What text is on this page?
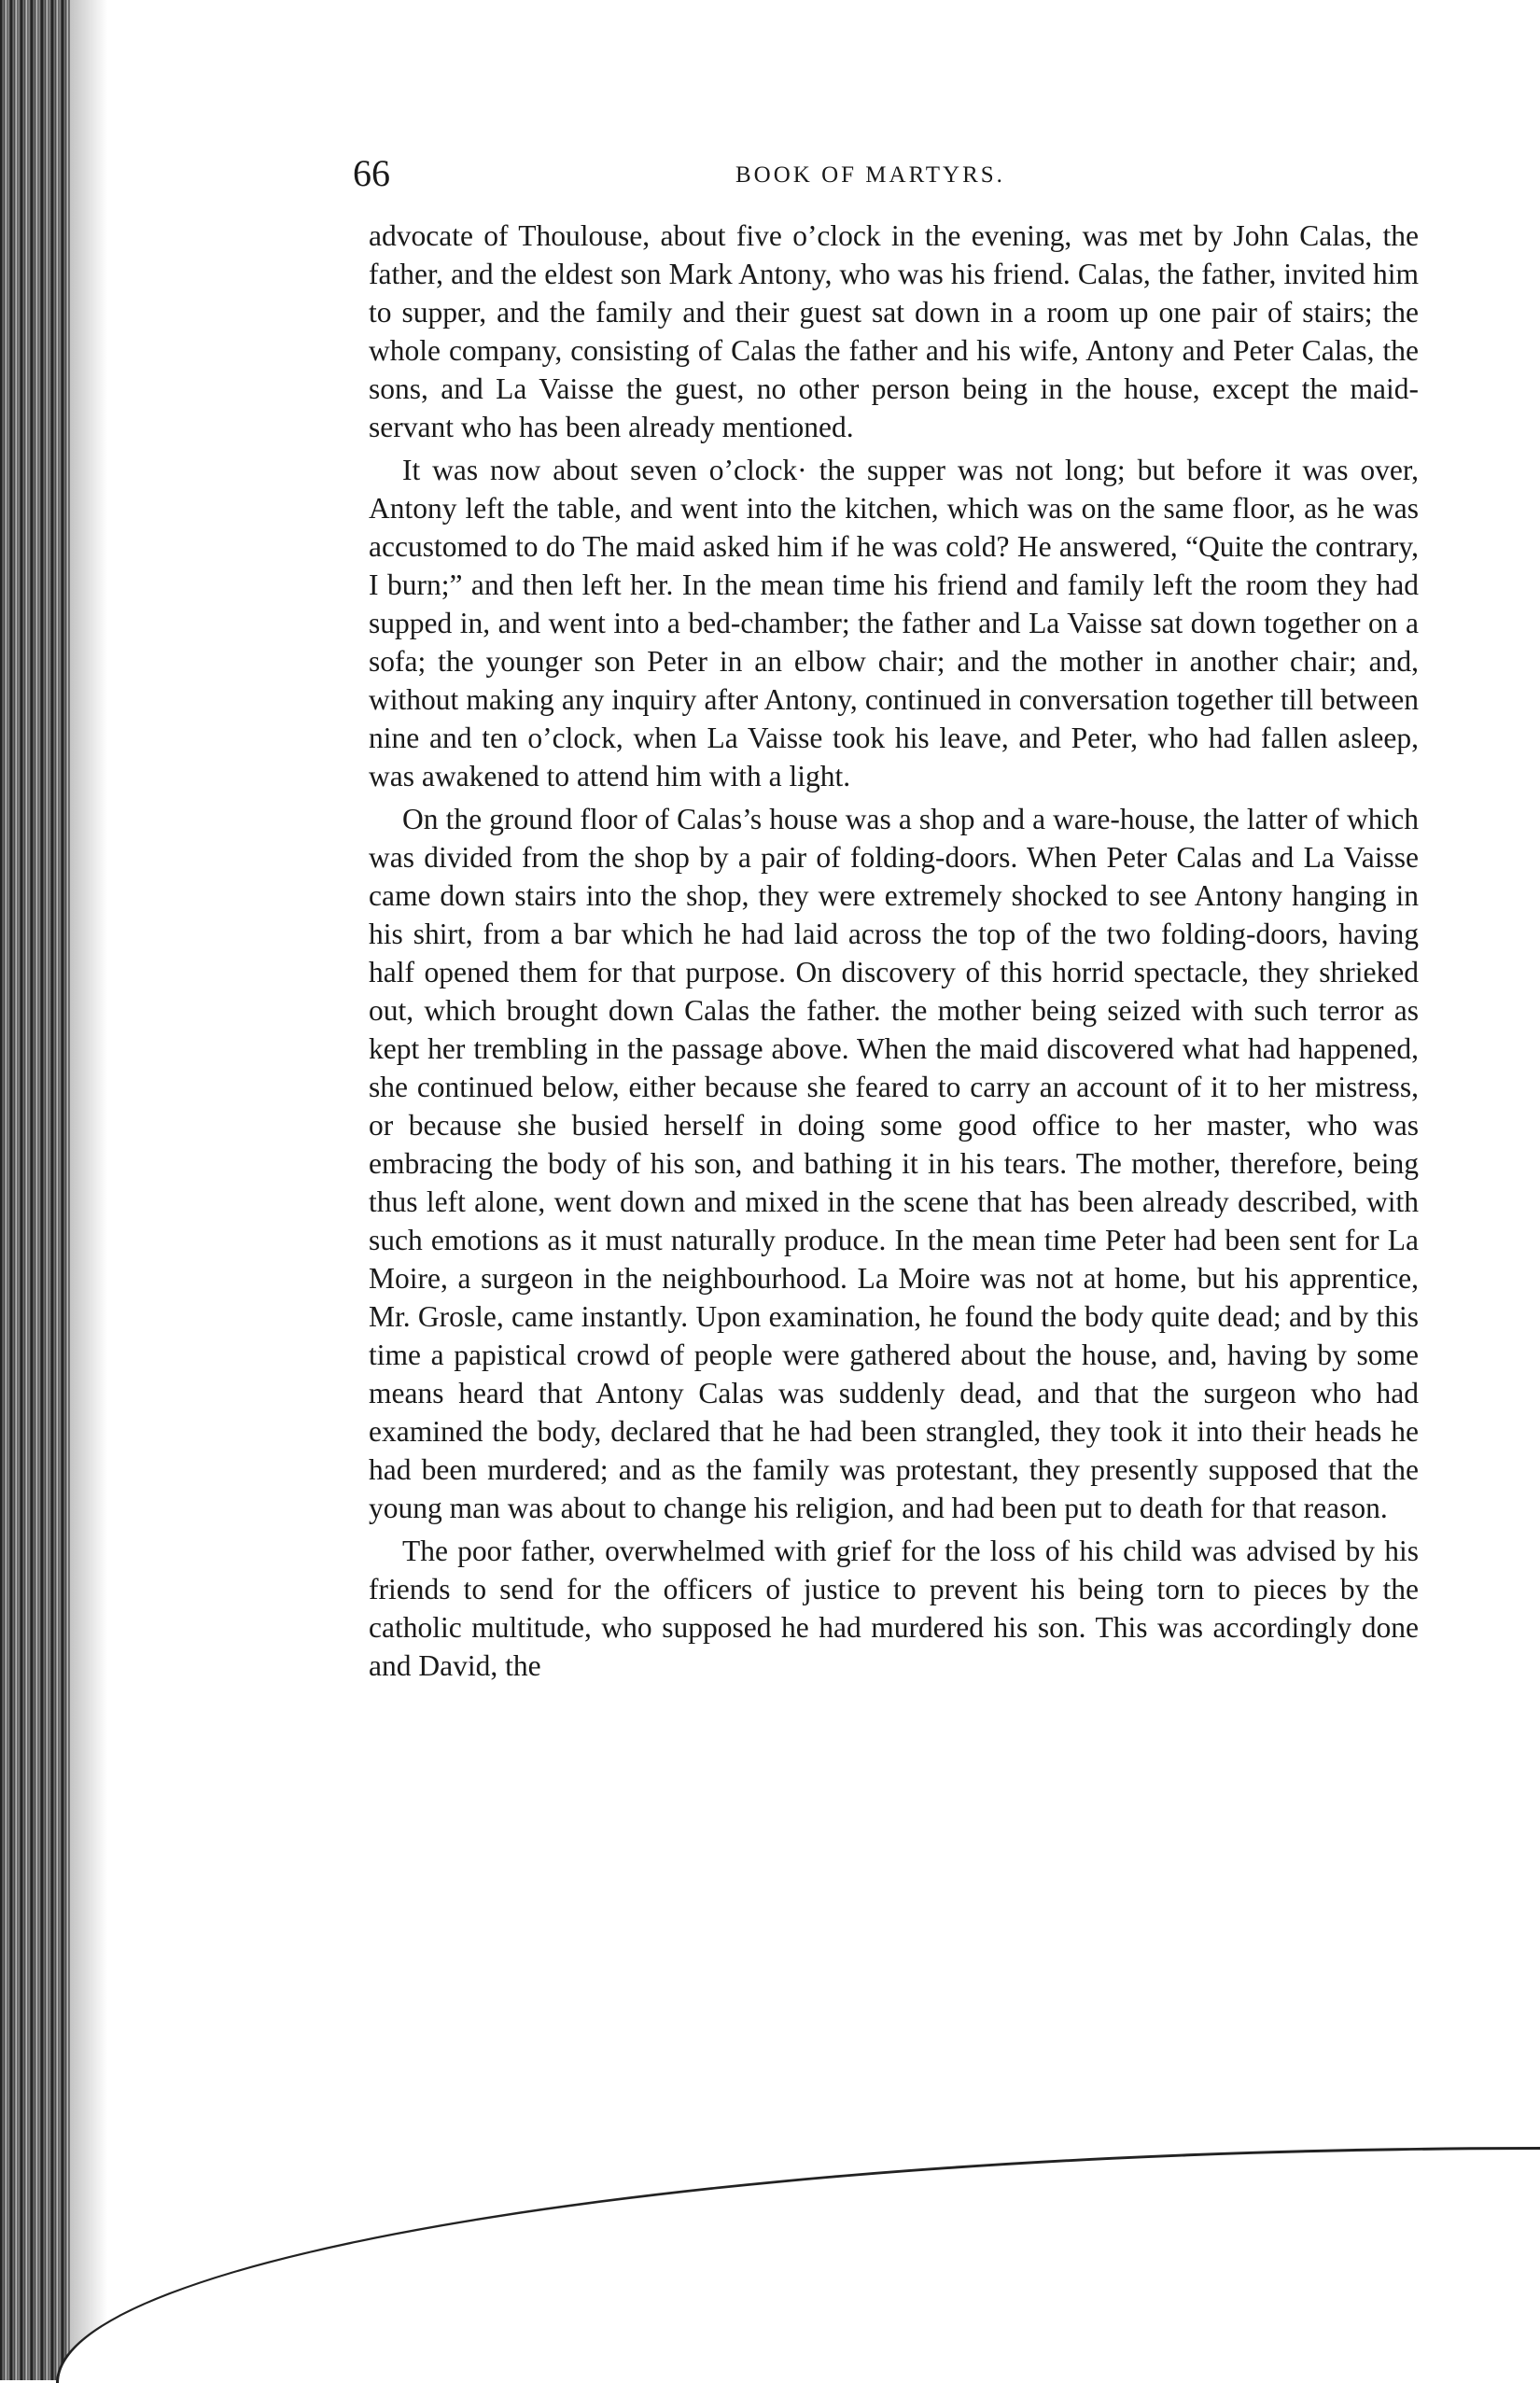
66	BOOK OF MARTYRS.

advocate of Thoulouse, about five o’clock in the evening, was met by John Calas, the father, and the eldest son Mark Antony, who was his friend. Calas, the father, invited him to supper, and the family and their guest sat down in a room up one pair of stairs; the whole company, consisting of Calas the father and his wife, Antony and Peter Calas, the sons, and La Vaisse the guest, no other person being in the house, except the maid-servant who has been already mentioned.

It was now about seven o’clock· the supper was not long; but before it was over, Antony left the table, and went into the kitchen, which was on the same floor, as he was accustomed to do The maid asked him if he was cold? He answered, “Quite the contrary, I burn;” and then left her. In the mean time his friend and family left the room they had supped in, and went into a bed-chamber; the father and La Vaisse sat down together on a sofa; the younger son Peter in an elbow chair; and the mother in another chair; and, without making any inquiry after Antony, continued in conversation together till between nine and ten o’clock, when La Vaisse took his leave, and Peter, who had fallen asleep, was awakened to attend him with a light.

On the ground floor of Calas’s house was a shop and a ware-house, the latter of which was divided from the shop by a pair of folding-doors. When Peter Calas and La Vaisse came down stairs into the shop, they were extremely shocked to see Antony hanging in his shirt, from a bar which he had laid across the top of the two folding-doors, having half opened them for that purpose. On discovery of this horrid spectacle, they shrieked out, which brought down Calas the father. the mother being seized with such terror as kept her trembling in the passage above. When the maid discovered what had happened, she continued below, either because she feared to carry an account of it to her mistress, or because she busied herself in doing some good office to her master, who was embracing the body of his son, and bathing it in his tears. The mother, therefore, being thus left alone, went down and mixed in the scene that has been already described, with such emotions as it must naturally produce. In the mean time Peter had been sent for La Moire, a surgeon in the neighbourhood. La Moire was not at home, but his apprentice, Mr. Grosle, came instantly. Upon examination, he found the body quite dead; and by this time a papistical crowd of people were gathered about the house, and, having by some means heard that Antony Calas was suddenly dead, and that the surgeon who had examined the body, declared that he had been strangled, they took it into their heads he had been murdered; and as the family was protestant, they presently supposed that the young man was about to change his religion, and had been put to death for that reason.

The poor father, overwhelmed with grief for the loss of his child was advised by his friends to send for the officers of justice to prevent his being torn to pieces by the catholic multitude, who supposed he had murdered his son. This was accordingly done and David, the
